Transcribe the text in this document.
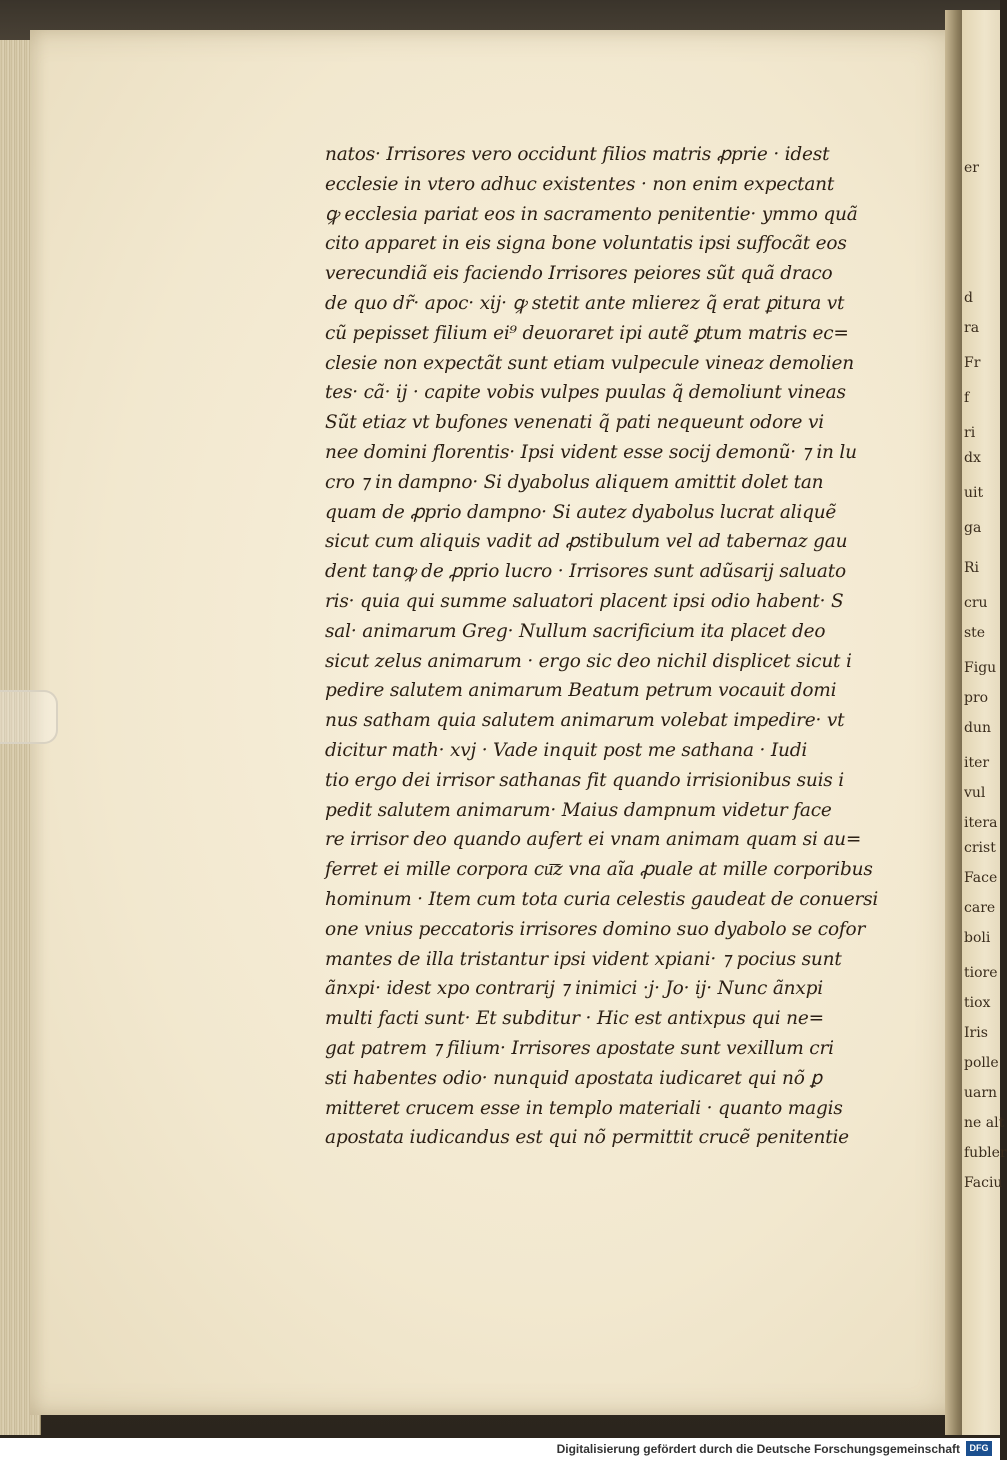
er
d
ra
Fr
f
ri
dx
uit
ga
Ri
cru
ste
Figu
pro
dun
iter
vul
itera
crist
Face
care
boli
tiore
tiox
Iris
polle
uarn
ne alt
fubler
Faciu
natos· Irrisores vero occidunt filios matris ꝓprie · idest
ecclesie in vtero adhuc existentes · non enim expectant
ꝙ ecclesia pariat eos in sacramento penitentie· ymmo quã
cito apparet in eis signa bone voluntatis ipsi suffocãt eos
verecundiã eis faciendo Irrisores peiores sũt quã draco
de quo dr̃· apoc· xij· ꝙ stetit ante mlierez q̃ erat ꝑitura vt
cũ pepisset filium ei⁹ deuoraret ipi autẽ ꝑtum matris ec=
clesie non expectãt sunt etiam vulpecule vineaz demolien
tes· cã· ij · capite vobis vulpes puulas q̃ demoliunt vineas
Sũt etiaz vt bufones venenati q̃ pati nequeunt odore vi
nee domini florentis· Ipsi vident esse socij demonũ· ⁊ in lu
cro ⁊ in dampno· Si dyabolus aliquem amittit dolet tan
quam de ꝓprio dampno· Si autez dyabolus lucrat aliquẽ
sicut cum aliquis vadit ad ꝓstibulum vel ad tabernaz gau
dent tanꝙ de ꝓprio lucro · Irrisores sunt adũsarij saluato
ris· quia qui summe saluatori placent ipsi odio habent· S
sal· animarum Greg· Nullum sacrificium ita placet deo
sicut zelus animarum · ergo sic deo nichil displicet sicut i
pedire salutem animarum Beatum petrum vocauit domi
nus satham quia salutem animarum volebat impedire· vt
dicitur math· xvj · Vade inquit post me sathana · Iudi
tio ergo dei irrisor sathanas fit quando irrisionibus suis i
pedit salutem animarum· Maius dampnum videtur face
re irrisor deo quando aufert ei vnam animam quam si au=
ferret ei mille corpora cu͞z vna aĩa ꝓuale at mille corporibus
hominum · Item cum tota curia celestis gaudeat de conuersi
one vnius peccatoris irrisores domino suo dyabolo se cofor
mantes de illa tristantur ipsi vident xpiani· ⁊ pocius sunt
ãnxpi· idest xpo contrarij ⁊ inimici ·j· Jo· ij· Nunc ãnxpi
multi facti sunt· Et subditur · Hic est antixpus qui ne=
gat patrem ⁊ filium· Irrisores apostate sunt vexillum cri
sti habentes odio· nunquid apostata iudicaret qui nõ ꝑ
mitteret crucem esse in templo materiali · quanto magis
apostata iudicandus est qui nõ permittit crucẽ penitentie
Digitalisierung gefördert durch die Deutsche Forschungsgemeinschaft	DFG
